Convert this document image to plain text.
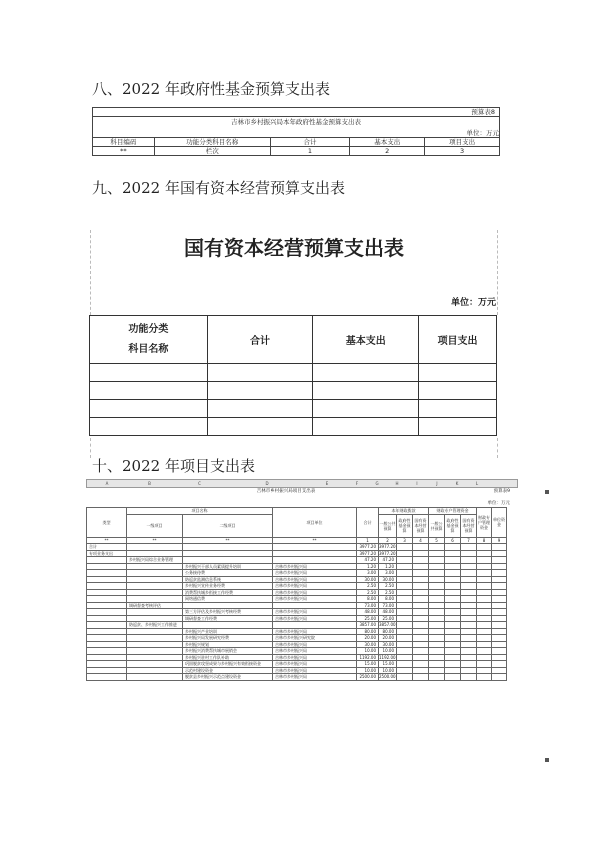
八、2022 年政府性基金预算支出表
预算表8
吉林市乡村振兴局本年政府性基金预算支出表
单位：万元
科目编码	功能分类科目名称	合计	基本支出	项目支出
**	栏次	1	2	3
九、2022 年国有资本经营预算支出表
国有资本经营预算支出表
单位：万元
功能分类
科目名称	合计	基本支出	项目支出

十、2022 年项目支出表
A	B	C	D	E	F	G	H	I	J	K	L
吉林市乡村振兴局项目支出表	预算表9
单位：万元
类型	项目名称		项目单位	合计	本年财政拨款			财政专户管理资金			财政专户管理资金	单位资金
	一级项目	二级项目			一般公共预算	政府性基金预算	国有资本经营预算	一般公共预算	政府性基金预算	国有资本经营预算		

**	**	**	**	1	2	3	4	5	6	7	8	9
合计				3977.20	3977.20							
专项业务支出				3977.20	3977.20							
	乡村振兴局综合业务管理			47.20	47.20							
		乡村振兴干部人员素质提升培训	吉林市乡村振兴局	1.20	1.20							
		公务接待费	吉林市乡村振兴局	3.00	3.00							
		防返贫监测信息系统	吉林市乡村振兴局	30.00	30.00							
		乡村振兴宣传业务经费	吉林市乡村振兴局	2.50	2.50							
		消费帮扶城乡衔接工作经费	吉林市乡村振兴局	2.50	2.50							
		网络通信费	吉林市乡村振兴局	8.00	8.00							
	调研督查考核评估			73.00	73.00							
		第三方评估及乡村振兴考核经费	吉林市乡村振兴局	48.00	48.00							
		调研督查工作经费	吉林市乡村振兴局	25.00	25.00							
	防返贫、乡村振兴工作推进			3857.00	3857.00							
		乡村振兴产业培训	吉林市乡村振兴局	80.00	80.00							
		乡村振兴局发展研究经费	吉林市乡村振兴研究院	20.00	20.00							
		乡村振兴规划	吉林市乡村振兴局	30.00	30.00							
		乡村振兴消费帮扶城市展销会	吉林市乡村振兴局	10.00	10.00							
		乡村振兴驻村工作队补助	吉林市乡村振兴局	1192.00	1192.00							
		巩固脱贫攻坚成果与乡村振兴有效衔接资金	吉林市乡村振兴局	15.00	15.00							
		示范村建设资金	吉林市乡村振兴局	10.00	10.00							
		脱贫县乡村振兴示范点建设资金	吉林市乡村振兴局	2500.00	2500.00							
